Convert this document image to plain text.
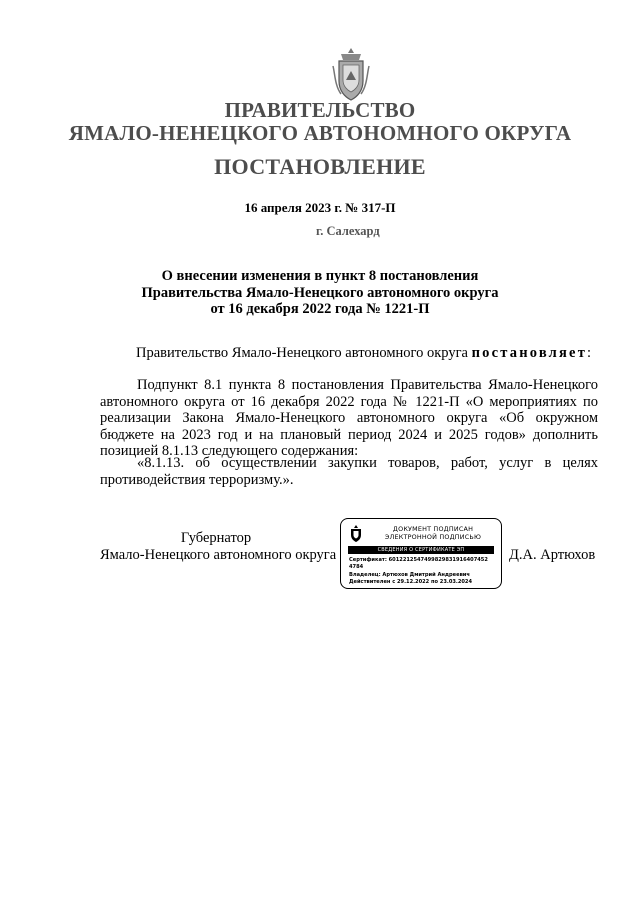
ПРАВИТЕЛЬСТВО
ЯМАЛО-НЕНЕЦКОГО АВТОНОМНОГО ОКРУГА
ПОСТАНОВЛЕНИЕ
16 апреля 2023 г. № 317-П
г. Салехард
О внесении изменения в пункт 8 постановления
Правительства Ямало-Ненецкого автономного округа
от 16 декабря 2022 года № 1221-П
Правительство Ямало-Ненецкого автономного округа постановляет:
Подпункт 8.1 пункта 8 постановления Правительства Ямало-Ненецкого автономного округа от 16 декабря 2022 года № 1221-П «О мероприятиях по реализации Закона Ямало-Ненецкого автономного округа «Об окружном бюджете на 2023 год и на плановый период 2024 и 2025 годов» дополнить позицией 8.1.13 следующего содержания:
«8.1.13. об осуществлении закупки товаров, работ, услуг в целях противодействия терроризму.».
Губернатор
Ямало-Ненецкого автономного округа
ДОКУМЕНТ ПОДПИСАН
ЭЛЕКТРОННОЙ ПОДПИСЬЮ
СВЕДЕНИЯ О СЕРТИФИКАТЕ ЭП
Сертификат: 6012212547499829831916407452
4784
Владелец: Артюхов Дмитрий Андреевич
Действителен с 29.12.2022 по 23.03.2024
Д.А. Артюхов
